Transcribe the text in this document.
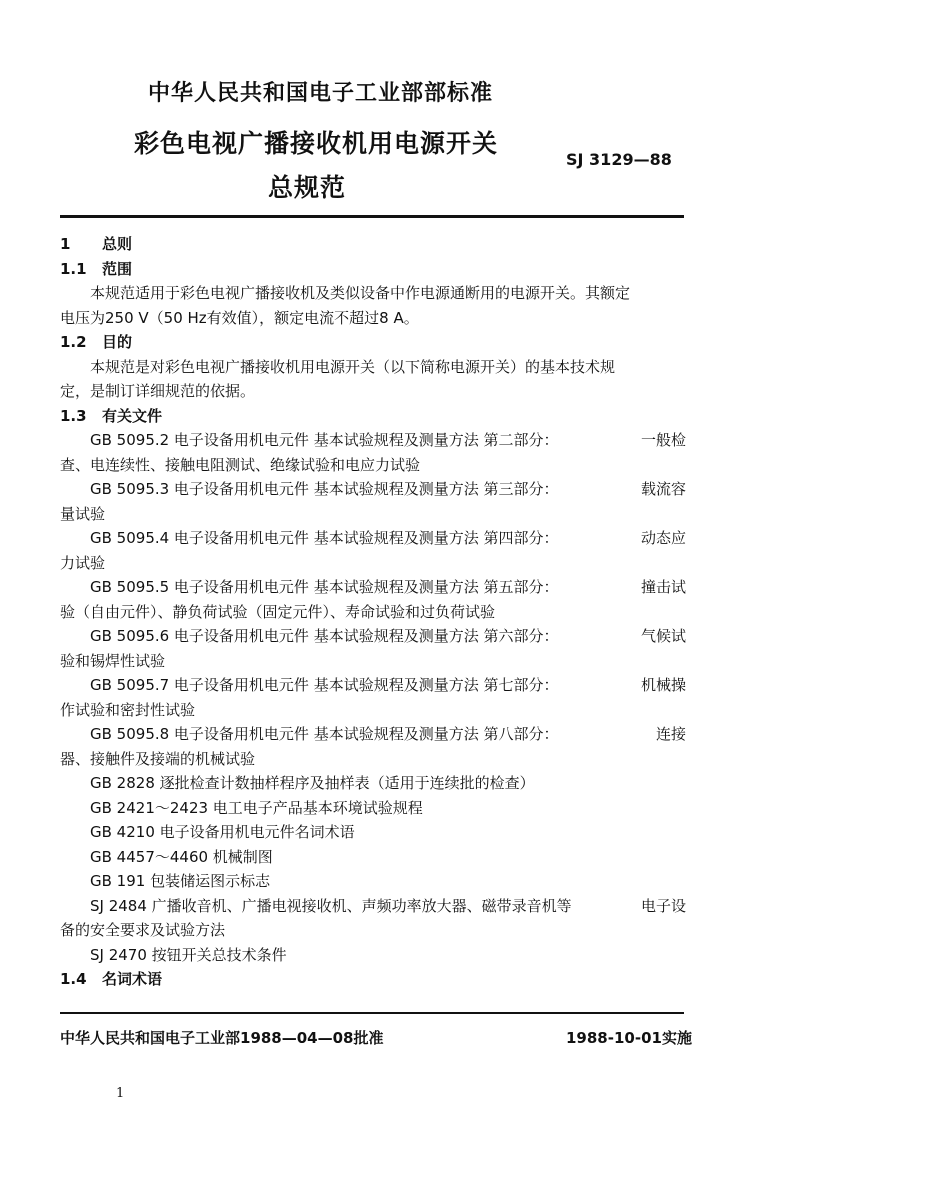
中华人民共和国电子工业部部标准
彩色电视广播接收机用电源开关
总规范
SJ 3129—88
1 总则
1.1 范围
本规范适用于彩色电视广播接收机及类似设备中作电源通断用的电源开关。其额定
电压为250 V（50 Hz有效值），额定电流不超过8 A。
1.2 目的
本规范是对彩色电视广播接收机用电源开关（以下简称电源开关）的基本技术规
定，是制订详细规范的依据。
1.3 有关文件
GB 5095.2 电子设备用机电元件 基本试验规程及测量方法 第二部分：	一般检
查、电连续性、接触电阻测试、绝缘试验和电应力试验
GB 5095.3 电子设备用机电元件 基本试验规程及测量方法 第三部分：	载流容
量试验
GB 5095.4 电子设备用机电元件 基本试验规程及测量方法 第四部分：	动态应
力试验
GB 5095.5 电子设备用机电元件 基本试验规程及测量方法 第五部分：	撞击试
验（自由元件）、静负荷试验（固定元件）、寿命试验和过负荷试验
GB 5095.6 电子设备用机电元件 基本试验规程及测量方法 第六部分：	气候试
验和锡焊性试验
GB 5095.7 电子设备用机电元件 基本试验规程及测量方法 第七部分：	机械操
作试验和密封性试验
GB 5095.8 电子设备用机电元件 基本试验规程及测量方法 第八部分：	连接
器、接触件及接端的机械试验
GB 2828 逐批检查计数抽样程序及抽样表（适用于连续批的检查）
GB 2421～2423 电工电子产品基本环境试验规程
GB 4210 电子设备用机电元件名词术语
GB 4457～4460 机械制图
GB 191 包装储运图示标志
SJ 2484 广播收音机、广播电视接收机、声频功率放大器、磁带录音机等	电子设
备的安全要求及试验方法
SJ 2470 按钮开关总技术条件
1.4 名词术语
中华人民共和国电子工业部1988—04—08批准	1988-10-01实施
1
